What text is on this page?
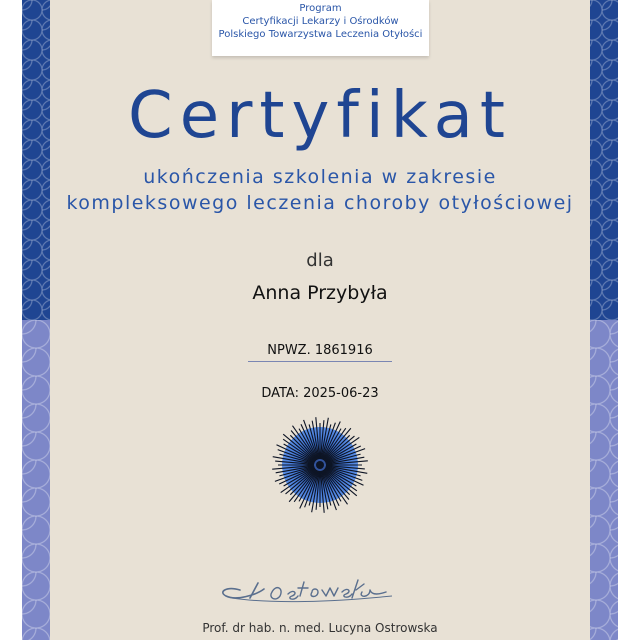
Program
Certyfikacji Lekarzy i Ośrodków
Polskiego Towarzystwa Leczenia Otyłości
Certyfikat
ukończenia szkolenia w zakresie
kompleksowego leczenia choroby otyłościowej
dla
Anna Przybyła
NPWZ. 1861916
DATA: 2025-06-23
Prof. dr hab. n. med. Lucyna Ostrowska
